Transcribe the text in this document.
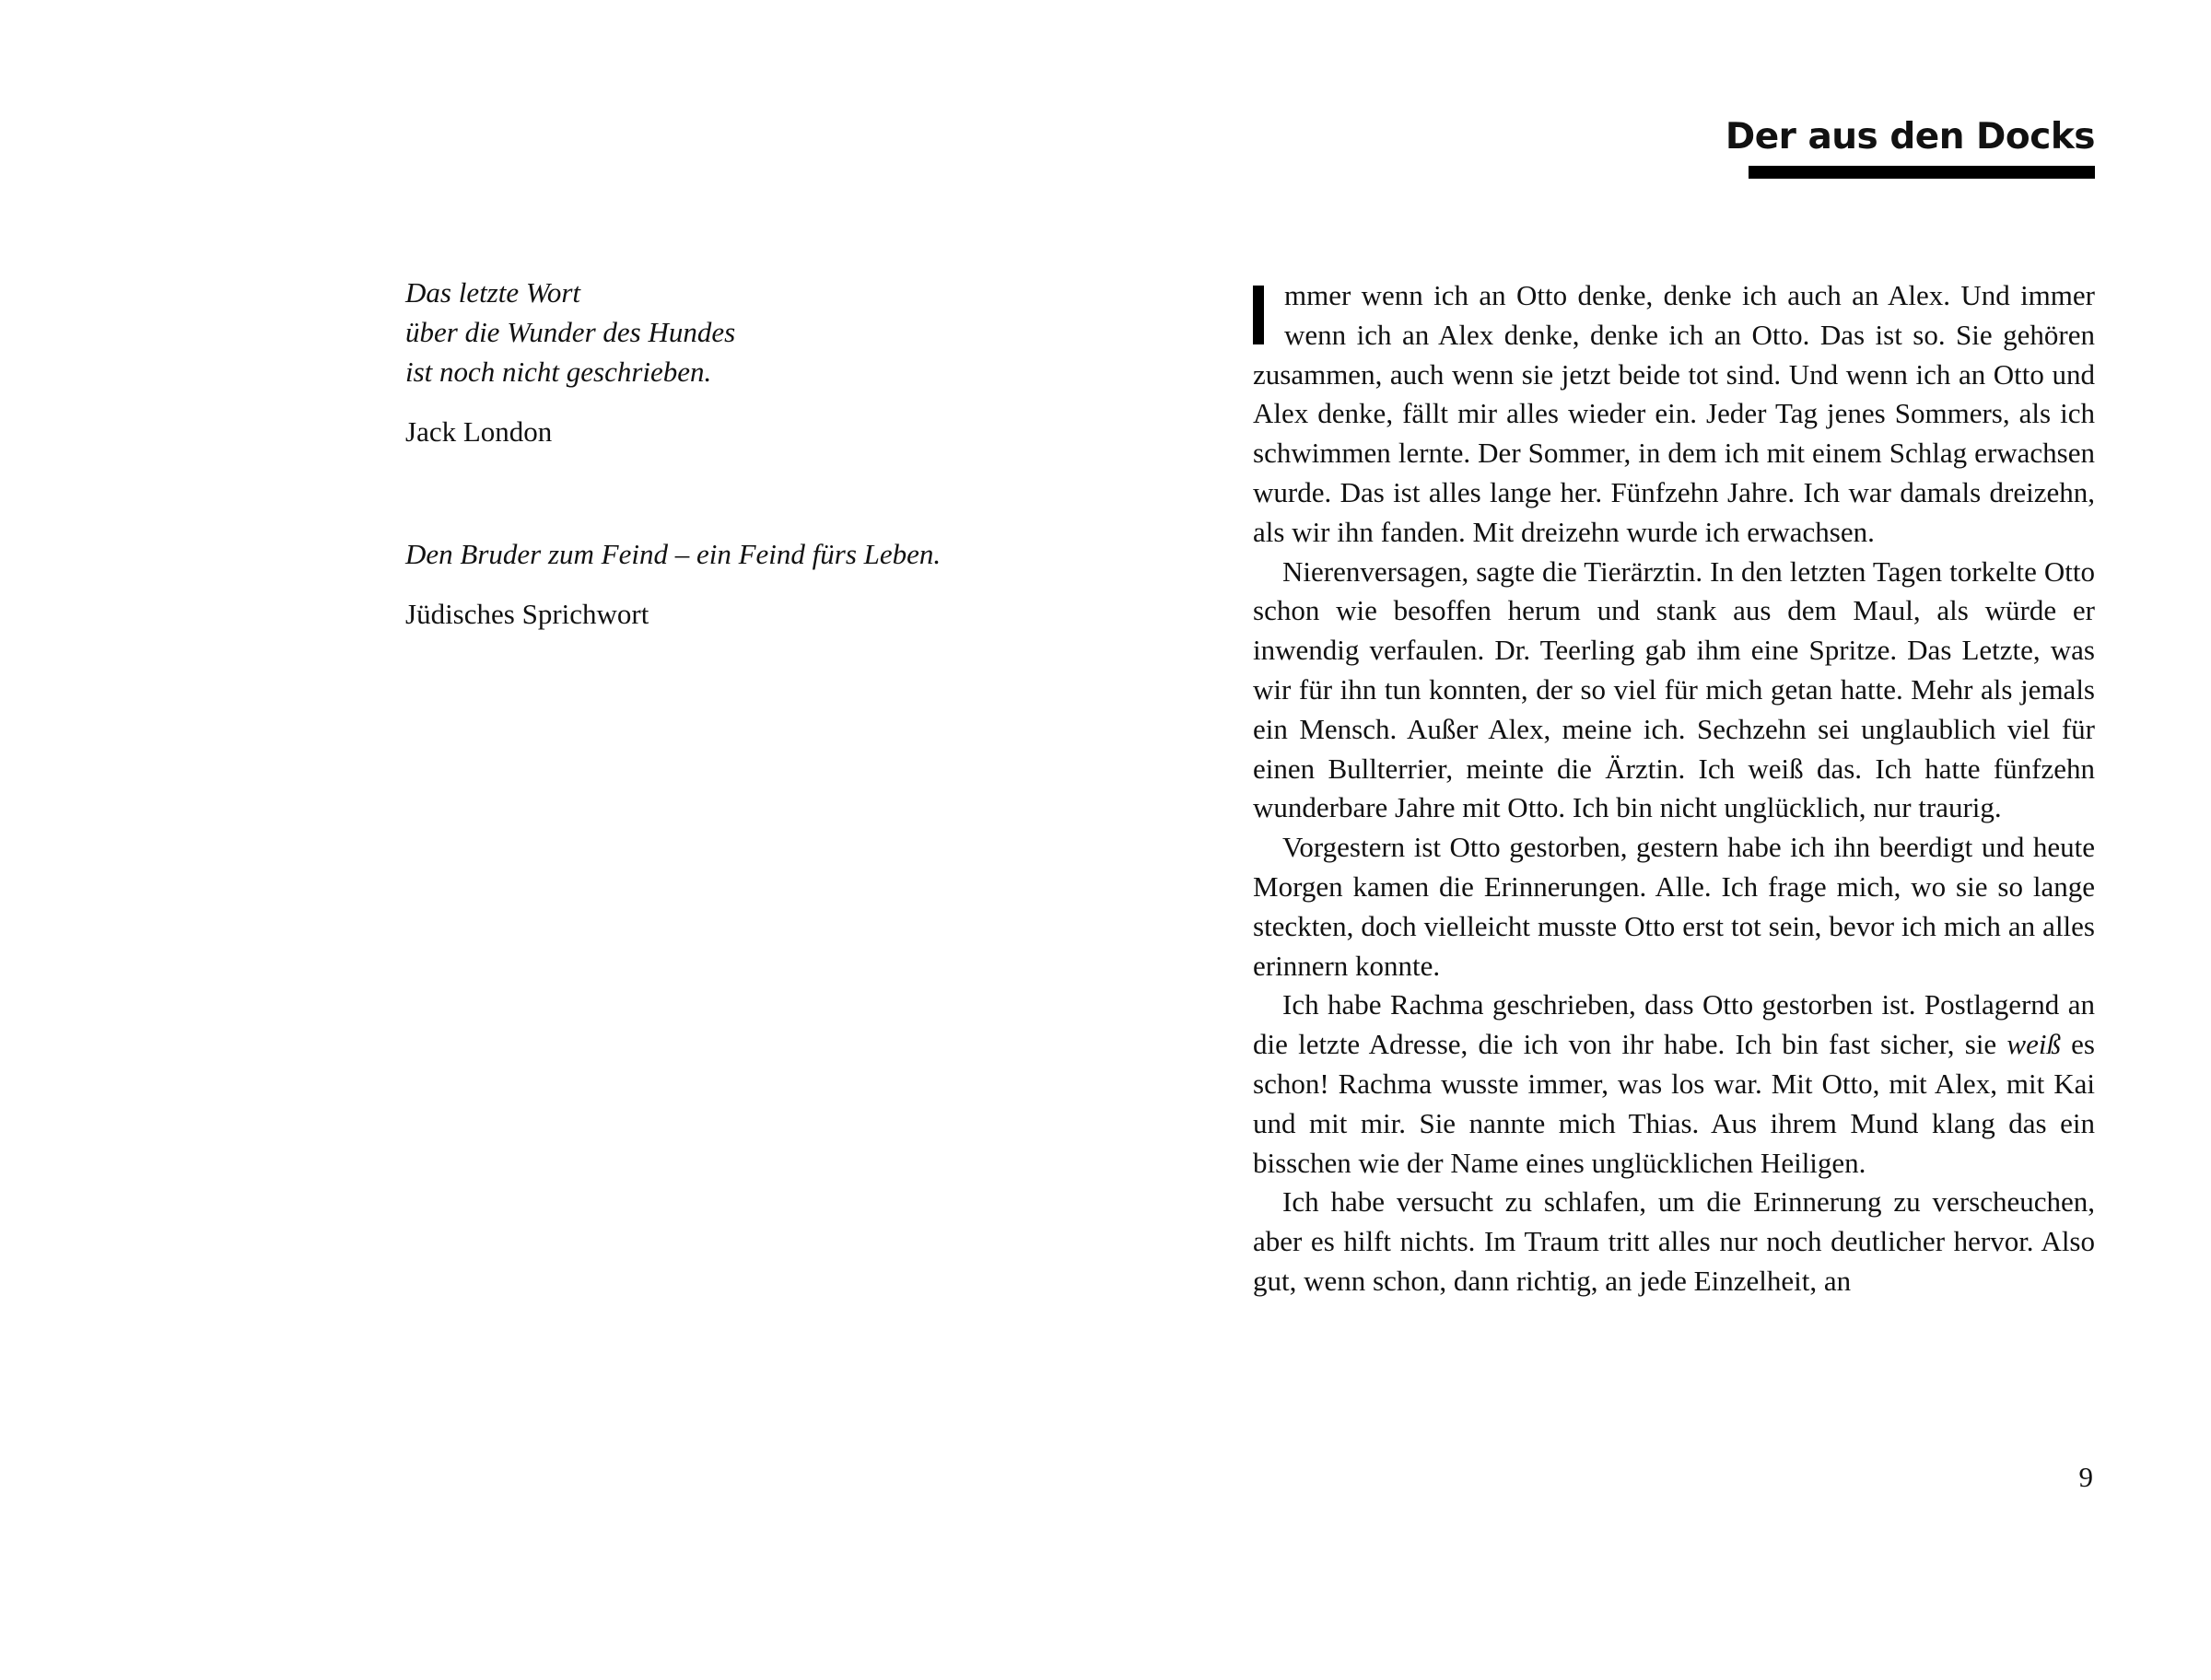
Das letzte Wort
über die Wunder des Hundes
ist noch nicht geschrieben.

Jack London

Den Bruder zum Feind – ein Feind fürs Leben.

Jüdisches Sprichwort

Der aus den Docks

mmer wenn ich an Otto denke, denke ich auch an Alex. Und immer wenn ich an Alex denke, denke ich an Otto. Das ist so. Sie gehören zusammen, auch wenn sie jetzt beide tot sind. Und wenn ich an Otto und Alex denke, fällt mir alles wieder ein. Jeder Tag jenes Sommers, als ich schwimmen lernte. Der Sommer, in dem ich mit einem Schlag erwachsen wurde. Das ist alles lange her. Fünfzehn Jahre. Ich war damals dreizehn, als wir ihn fanden. Mit dreizehn wurde ich erwachsen.

Nierenversagen, sagte die Tierärztin. In den letzten Tagen torkelte Otto schon wie besoffen herum und stank aus dem Maul, als würde er inwendig verfaulen. Dr. Teerling gab ihm eine Spritze. Das Letzte, was wir für ihn tun konnten, der so viel für mich getan hatte. Mehr als jemals ein Mensch. Außer Alex, meine ich. Sechzehn sei unglaublich viel für einen Bullterrier, meinte die Ärztin. Ich weiß das. Ich hatte fünfzehn wunderbare Jahre mit Otto. Ich bin nicht unglücklich, nur traurig.

Vorgestern ist Otto gestorben, gestern habe ich ihn beerdigt und heute Morgen kamen die Erinnerungen. Alle. Ich frage mich, wo sie so lange steckten, doch vielleicht musste Otto erst tot sein, bevor ich mich an alles erinnern konnte.

Ich habe Rachma geschrieben, dass Otto gestorben ist. Postlagernd an die letzte Adresse, die ich von ihr habe. Ich bin fast sicher, sie weiß es schon! Rachma wusste immer, was los war. Mit Otto, mit Alex, mit Kai und mit mir. Sie nannte mich Thias. Aus ihrem Mund klang das ein bisschen wie der Name eines unglücklichen Heiligen.

Ich habe versucht zu schlafen, um die Erinnerung zu verscheuchen, aber es hilft nichts. Im Traum tritt alles nur noch deutlicher hervor. Also gut, wenn schon, dann richtig, an jede Einzelheit, an

9
